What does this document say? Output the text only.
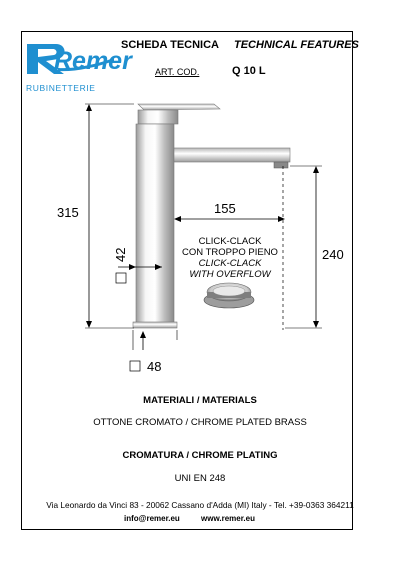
Remer
RUBINETTERIE
SCHEDA TECNICA TECHNICAL FEATURES
ART. COD.	Q 10 L
315	155
240
42
48
CLICK-CLACK
CON TROPPO PIENO
CLICK-CLACK
WITH OVERFLOW
MATERIALI / MATERIALS
OTTONE CROMATO / CHROME PLATED BRASS
CROMATURA / CHROME PLATING
UNI EN 248
Via Leonardo da Vinci 83 - 20062 Cassano d'Adda (MI) Italy - Tel. +39-0363 364211
info@remer.eu	www.remer.eu
